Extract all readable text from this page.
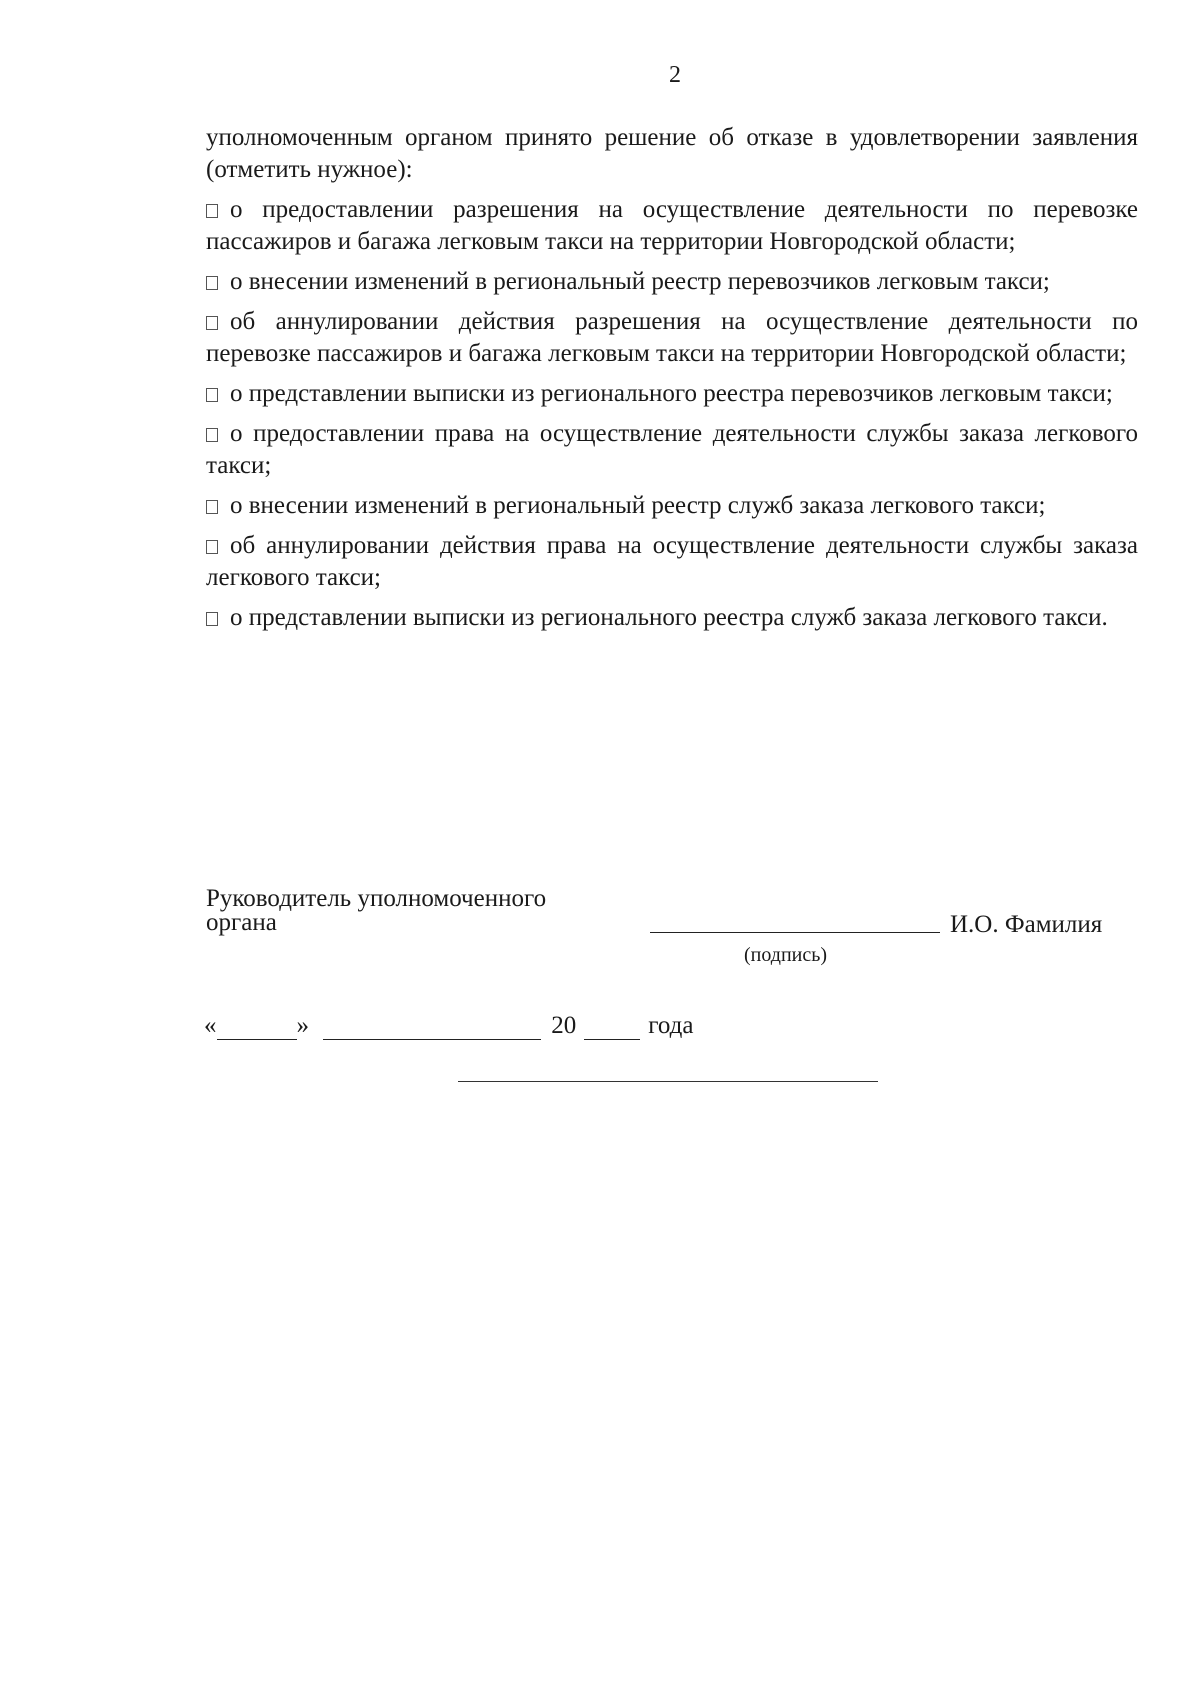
2

уполномоченным органом принято решение об отказе в удовлетворении заявления (отметить нужное):

о предоставлении разрешения на осуществление деятельности по перевозке пассажиров и багажа легковым такси на территории Новгородской области;

о внесении изменений в региональный реестр перевозчиков легковым такси;

об аннулировании действия разрешения на осуществление деятельности по перевозке пассажиров и багажа легковым такси на территории Новгородской области;

о представлении выписки из регионального реестра перевозчиков легковым такси;

о предоставлении права на осуществление деятельности службы заказа легкового такси;

о внесении изменений в региональный реестр служб заказа легкового такси;

об аннулировании действия права на осуществление деятельности службы заказа легкового такси;

о представлении выписки из регионального реестра служб заказа легкового такси.

Руководитель уполномоченного
органа	И.О. Фамилия
(подпись)
«	»	20	года
